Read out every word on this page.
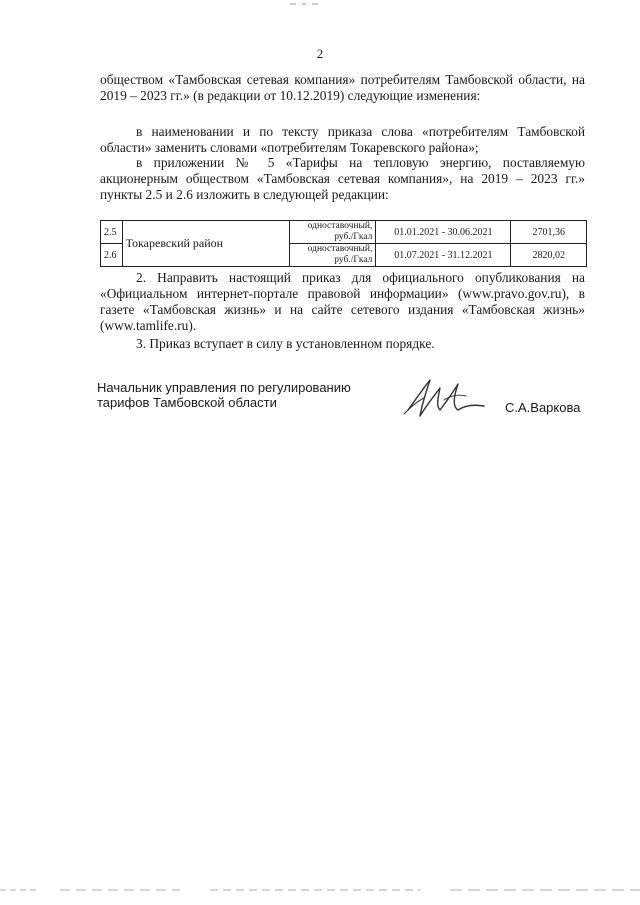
2

обществом «Тамбовская сетевая компания» потребителям Тамбовской области, на 2019 – 2023 гг.» (в редакции от 10.12.2019) следующие изменения:

в наименовании и по тексту приказа слова «потребителям Тамбовской области» заменить словами «потребителям Токаревского района»;

в приложении № 5 «Тарифы на тепловую энергию, поставляемую акционерным обществом «Тамбовская сетевая компания», на 2019 – 2023 гг.» пункты 2.5 и 2.6 изложить в следующей редакции:

2.5	Токаревский район	одноставочный, руб./Гкал	01.01.2021 - 30.06.2021	2701,36
2.6		одноставочный, руб./Гкал	01.07.2021 - 31.12.2021	2820,02

2. Направить настоящий приказ для официального опубликования на «Официальном интернет-портале правовой информации» (www.pravo.gov.ru), в газете «Тамбовская жизнь» и на сайте сетевого издания «Тамбовская жизнь» (www.tamlife.ru).

3. Приказ вступает в силу в установленном порядке.

Начальник управления по регулированию
тарифов Тамбовской области	С.А.Варкова
